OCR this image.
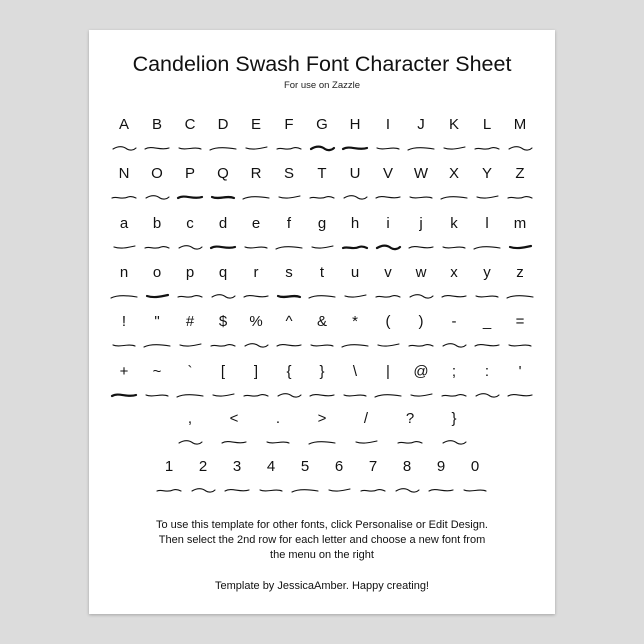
Candelion Swash Font Character Sheet
For use on Zazzle
A B C D E F G H I J K L M
N O P Q R S T U V W X Y Z
a b c d e f g h i j k l m
n o p q r s t u v w x y z
! " # $ % ^ & * ( ) - _ =
+ ~ ` [ ] { } \ | @ ; : '
,	<	.	>	/	? }
1 2 3 4 5 6 7 8 9 0
To use this template for other fonts, click Personalise or Edit Design.
Then select the 2nd row for each letter and choose a new font from
the menu on the right
Template by JessicaAmber. Happy creating!
